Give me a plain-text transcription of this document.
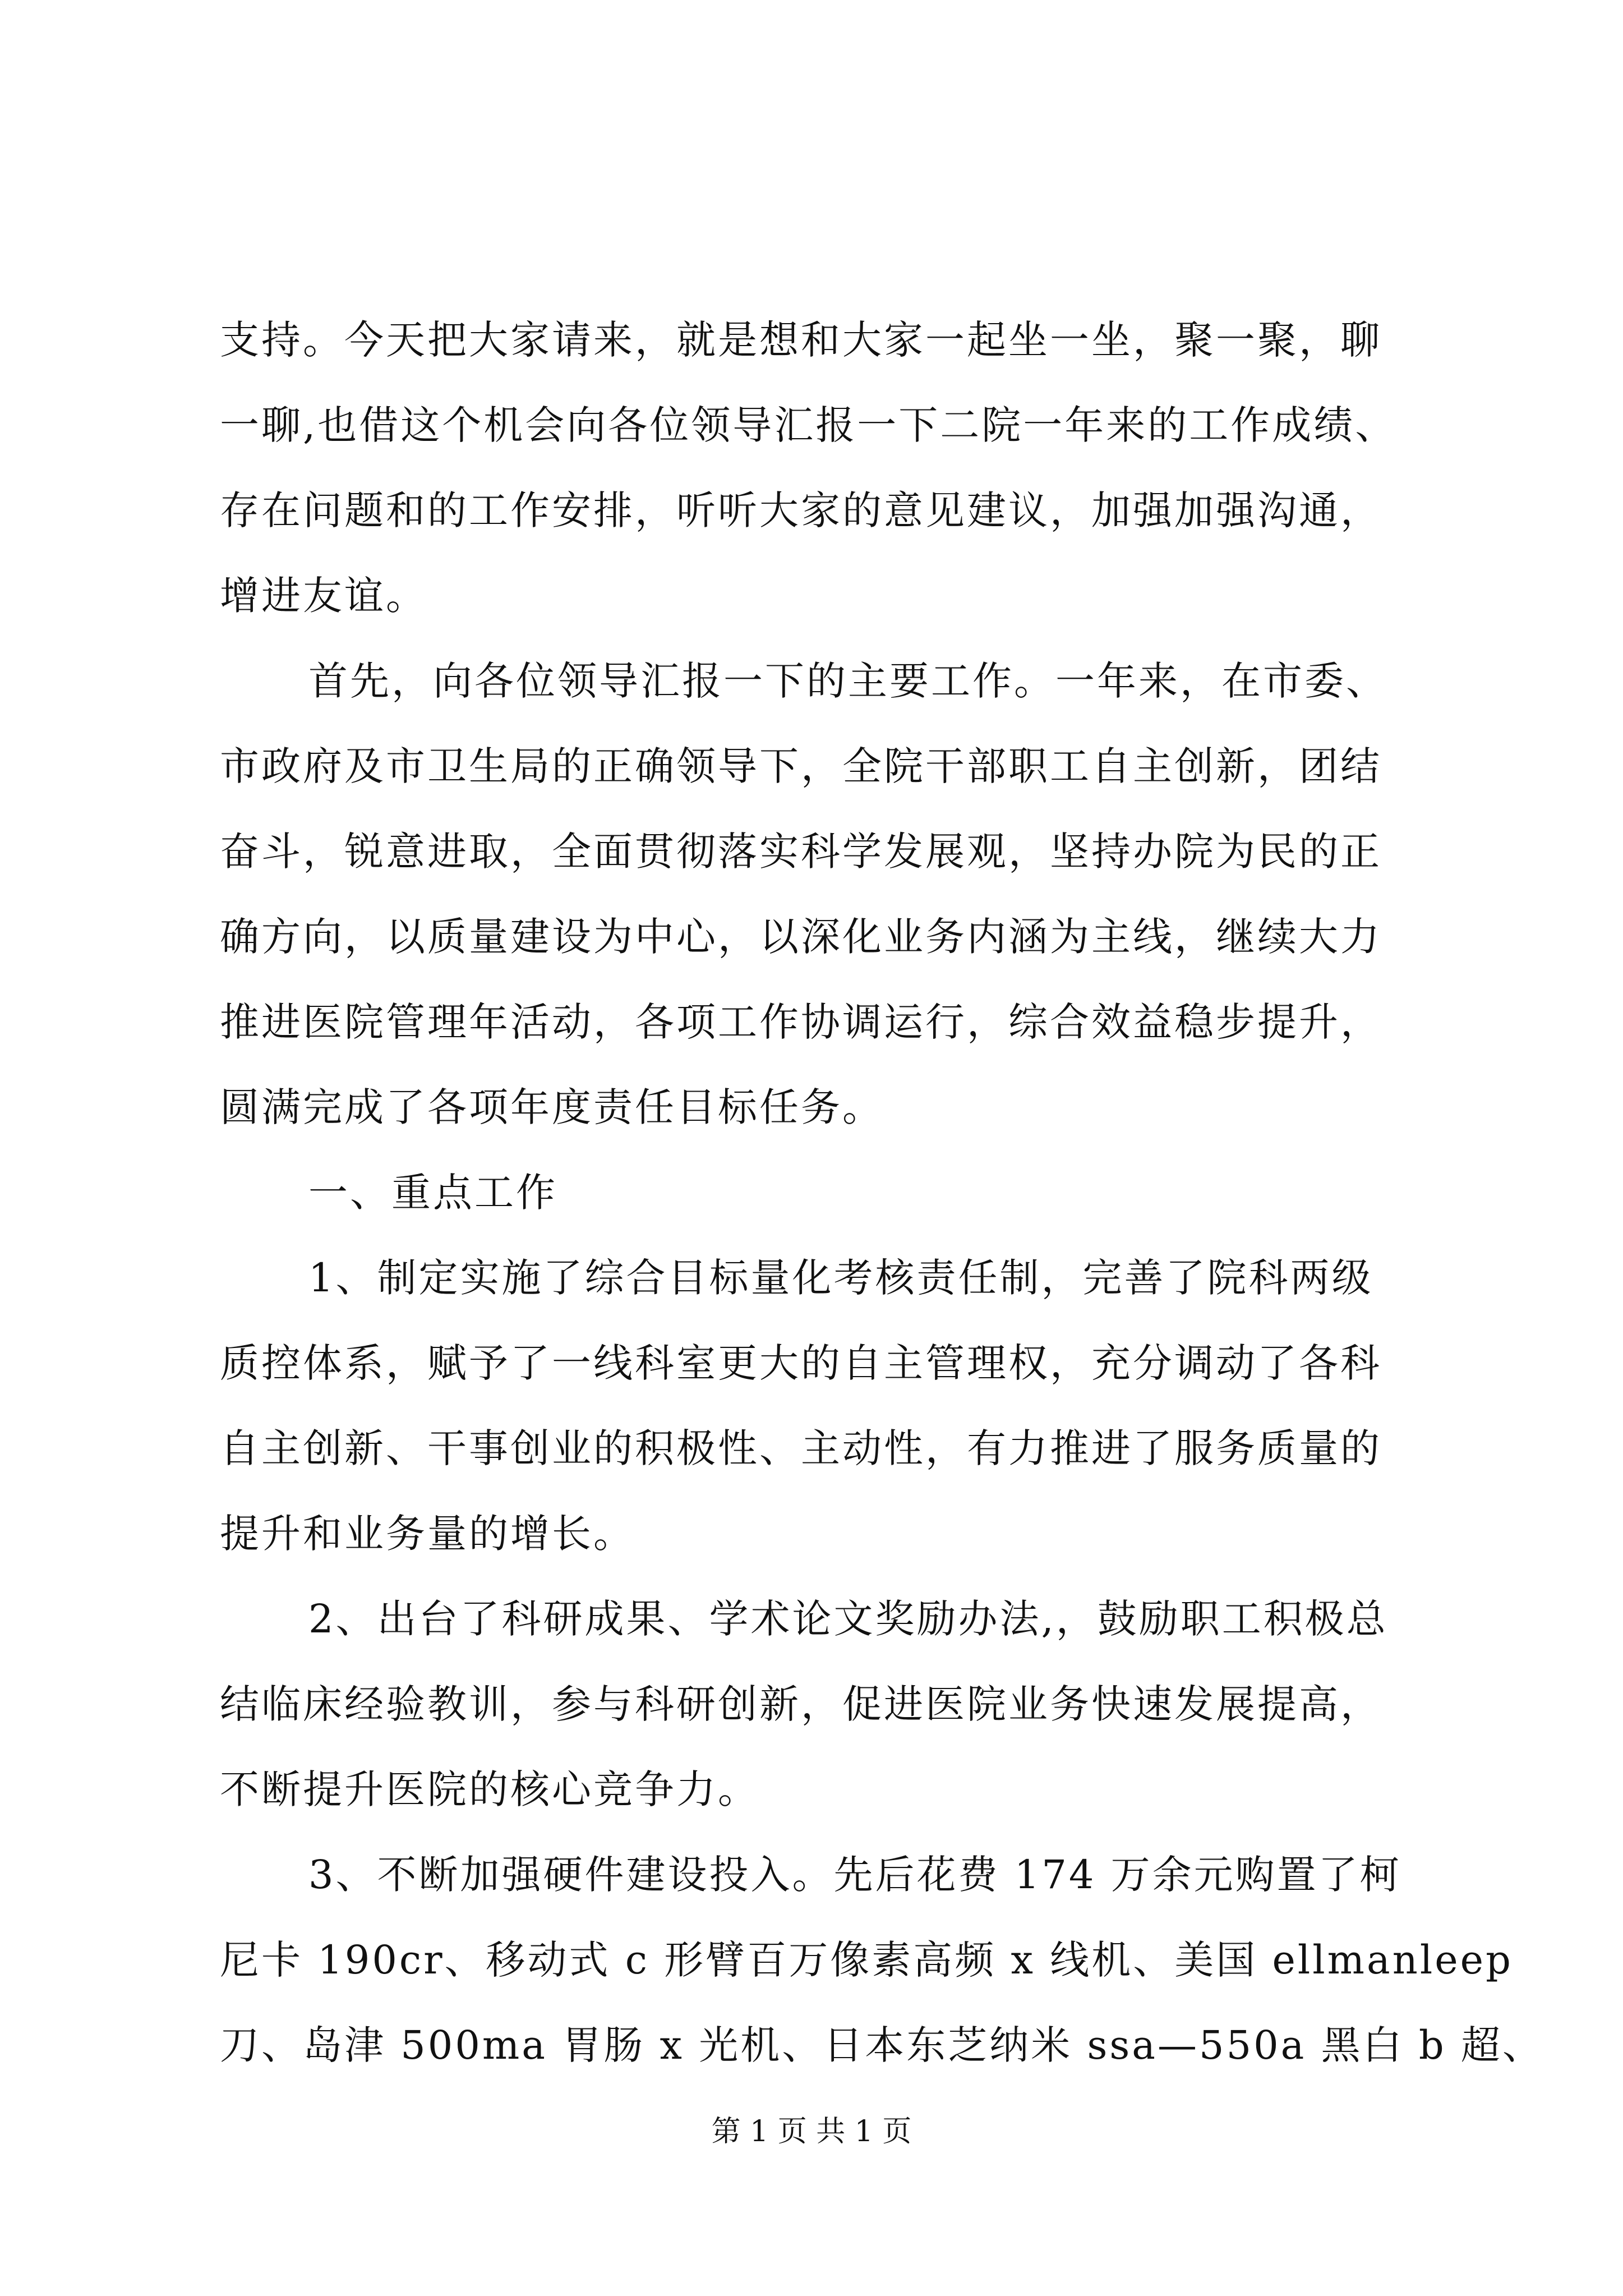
支持。今天把大家请来，就是想和大家一起坐一坐，聚一聚，聊
一聊,也借这个机会向各位领导汇报一下二院一年来的工作成绩、
存在问题和的工作安排，听听大家的意见建议，加强加强沟通，
增进友谊。
首先，向各位领导汇报一下的主要工作。一年来，在市委、
市政府及市卫生局的正确领导下，全院干部职工自主创新，团结
奋斗，锐意进取，全面贯彻落实科学发展观，坚持办院为民的正
确方向，以质量建设为中心，以深化业务内涵为主线，继续大力
推进医院管理年活动，各项工作协调运行，综合效益稳步提升，
圆满完成了各项年度责任目标任务。
一、重点工作
1、制定实施了综合目标量化考核责任制，完善了院科两级
质控体系，赋予了一线科室更大的自主管理权，充分调动了各科
自主创新、干事创业的积极性、主动性，有力推进了服务质量的
提升和业务量的增长。
2、出台了科研成果、学术论文奖励办法,，鼓励职工积极总
结临床经验教训，参与科研创新，促进医院业务快速发展提高，
不断提升医院的核心竞争力。
3、不断加强硬件建设投入。先后花费 174 万余元购置了柯
尼卡 190cr、移动式 c 形臂百万像素高频 x 线机、美国 ellmanleep
刀、岛津 500ma 胃肠 x 光机、日本东芝纳米 ssa—550a 黑白 b 超、
第 1 页 共 1 页
